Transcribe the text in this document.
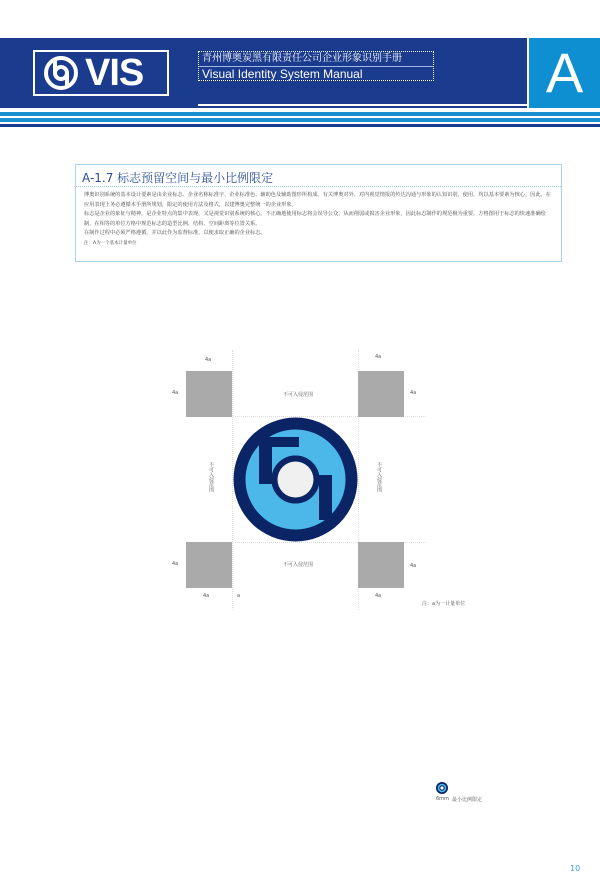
VIS	青州博奥炭黑有限责任公司企业形象识别手册
Visual Identity System Manual	A
A-1.7 标志预留空间与最小比例限定
博奥识别系统的基本设计要素是由企业标志、企业名称标准字、企业标准色、辅助色及辅助图形所构成。有关博奥对外、对内视觉情报的传达沟通与形象的认知识别、使用，均以基本要素为核心。因此，在应用表现上务必遵循本手册所规划，限定的使用方法及格式，以建博奥完整统一的企业形象。
标志是企业的象征与精神，是企业特点的集中表现，又是视觉识别系统的核心。不正确地使用标志将会误导公众，从而削弱或损害企业形象，因此标志制作的规范极为重要。方格图用于标志的快速准确绘制，在相等的单位方格中规范标志的造型比例、结构、空间距离等位置关系。
在制作过程中必须严格遵循，并以此作为监督标准，以便求取正确的企业标志。
注：A为一个基本计量单位
4a	4a
4a	4a
4a	4a
4a	a	4a
不可入侵范围
不可入侵范围
不可入侵范围	不可入侵范围
注：a为一计量单位
6mm 最小比例限定
10
